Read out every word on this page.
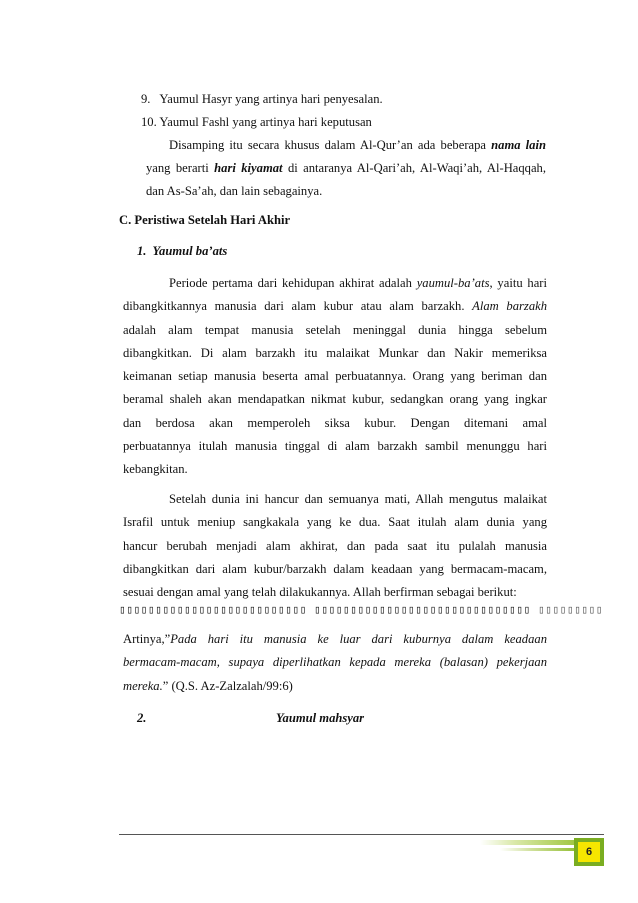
9.   Yaumul Hasyr yang artinya hari penyesalan.
10. Yaumul Fashl yang artinya hari keputusan
Disamping itu secara khusus dalam Al-Qur’an ada beberapa nama lain
yang berarti hari kiyamat di antaranya Al-Qari’ah, Al-Waqi’ah, Al-Haqqah,
dan As-Sa’ah, dan lain sebagainya.
C. Peristiwa Setelah Hari Akhir
1.  Yaumul ba’ats
Periode pertama dari kehidupan akhirat adalah yaumul-ba’ats, yaitu hari
dibangkitkannya manusia dari alam kubur atau alam barzakh. Alam barzakh
adalah alam tempat manusia setelah meninggal dunia hingga sebelum
dibangkitkan. Di alam barzakh itu malaikat Munkar dan Nakir memeriksa
keimanan setiap manusia beserta amal perbuatannya. Orang yang beriman dan
beramal shaleh akan mendapatkan nikmat kubur, sedangkan orang yang ingkar
dan berdosa akan memperoleh siksa kubur. Dengan ditemani amal
perbuatannya itulah manusia tinggal di alam barzakh sambil menunggu hari
kebangkitan.
Setelah dunia ini hancur dan semuanya mati, Allah mengutus malaikat
Israfil untuk meniup sangkakala yang ke dua. Saat itulah alam dunia yang
hancur berubah menjadi alam akhirat, dan pada saat itu pulalah manusia
dibangkitkan dari alam kubur/barzakh dalam keadaan yang bermacam-macam,
sesuai dengan amal yang telah dilakukannya. Allah berfirman sebagai berikut:
▯▯▯▯▯▯▯▯▯▯▯▯▯▯▯▯▯▯▯▯▯▯▯▯▯▯ ▯▯▯▯▯▯▯▯▯▯▯▯▯▯▯▯▯▯▯▯▯▯▯▯▯▯▯▯▯▯ ▯▯▯▯▯▯▯▯▯
Artinya,”Pada hari itu manusia ke luar dari kuburnya dalam keadaan
bermacam-macam, supaya diperlihatkan kepada mereka (balasan) pekerjaan
mereka.” (Q.S. Az-Zalzalah/99:6)
2.	Yaumul mahsyar
6
